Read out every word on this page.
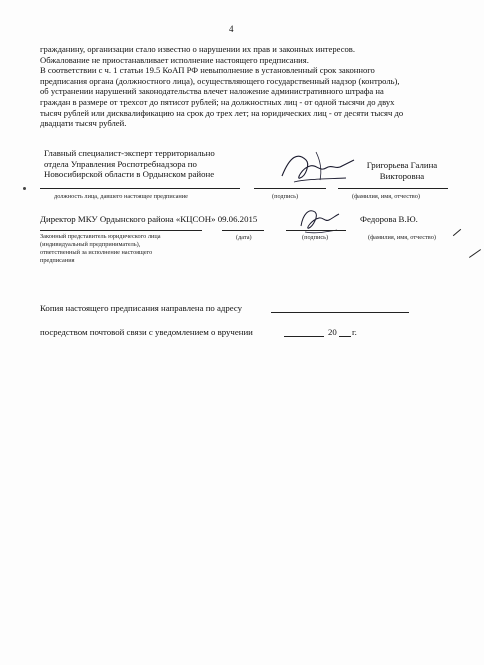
4

гражданину, организации стало известно о нарушении их прав и законных интересов.

Обжалование не приостанавливает исполнение настоящего предписания.

В соответствии с ч. 1 статьи 19.5 КоАП РФ невыполнение в установленный срок законного

предписания органа (должностного лица), осуществляющего государственный надзор (контроль),

об устранении нарушений законодательства влечет наложение административного штрафа на

граждан в размере от трехсот до пятисот рублей; на должностных лиц - от одной тысячи до двух

тысяч рублей или дисквалификацию на срок до трех лет; на юридических лиц - от десяти тысяч до

двадцати тысяч рублей.

Главный специалист-эксперт территориально
отдела Управления Роспотребнадзора по
Новосибирской области в Ордынском районе
Григорьева Галина
Викторовна
должность лица, давшего настоящее предписание	(подпись)	(фамилия, имя, отчество)
Директор МКУ Ордынского района «КЦСОН» 09.06.2015	Федорова В.Ю.
Законный представитель юридического лица
(индивидуальный предприниматель),
ответственный за исполнение настоящего
предписания
(дата)	(подпись)	(фамилия, имя, отчество)
Копия настоящего предписания направлена по адресу
посредством почтовой связи с уведомлением о вручении	20 г.
